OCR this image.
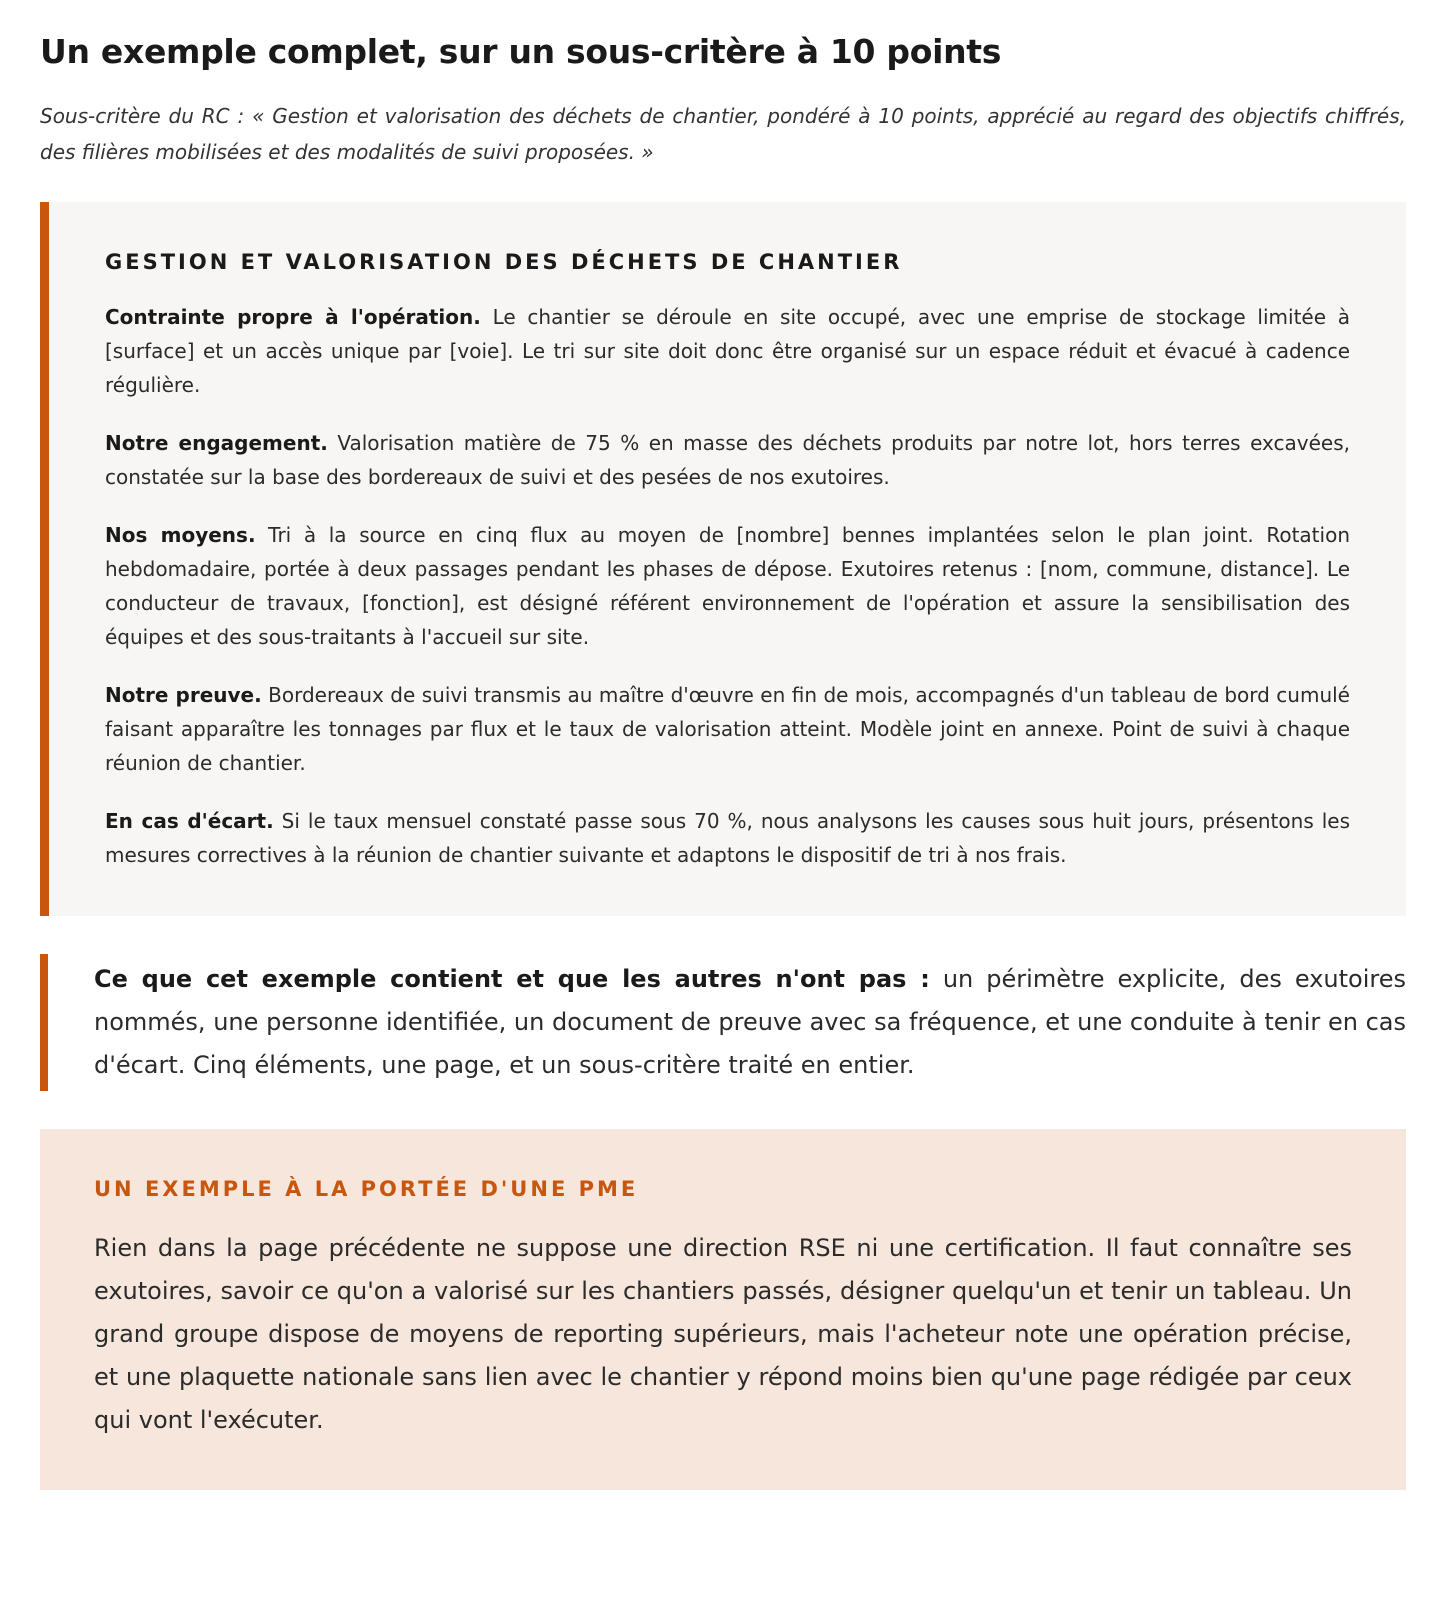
Un exemple complet, sur un sous-critère à 10 points

Sous-critère du RC : « Gestion et valorisation des déchets de chantier, pondéré à 10 points, apprécié au regard des objectifs chiffrés, des filières mobilisées et des modalités de suivi proposées. »

GESTION ET VALORISATION DES DÉCHETS DE CHANTIER

Contrainte propre à l'opération. Le chantier se déroule en site occupé, avec une emprise de stockage limitée à [surface] et un accès unique par [voie]. Le tri sur site doit donc être organisé sur un espace réduit et évacué à cadence régulière.

Notre engagement. Valorisation matière de 75 % en masse des déchets produits par notre lot, hors terres excavées, constatée sur la base des bordereaux de suivi et des pesées de nos exutoires.

Nos moyens. Tri à la source en cinq flux au moyen de [nombre] bennes implantées selon le plan joint. Rotation hebdomadaire, portée à deux passages pendant les phases de dépose. Exutoires retenus : [nom, commune, distance]. Le conducteur de travaux, [fonction], est désigné référent environnement de l'opération et assure la sensibilisation des équipes et des sous-traitants à l'accueil sur site.

Notre preuve. Bordereaux de suivi transmis au maître d'œuvre en fin de mois, accompagnés d'un tableau de bord cumulé faisant apparaître les tonnages par flux et le taux de valorisation atteint. Modèle joint en annexe. Point de suivi à chaque réunion de chantier.

En cas d'écart. Si le taux mensuel constaté passe sous 70 %, nous analysons les causes sous huit jours, présentons les mesures correctives à la réunion de chantier suivante et adaptons le dispositif de tri à nos frais.

Ce que cet exemple contient et que les autres n'ont pas : un périmètre explicite, des exutoires nommés, une personne identifiée, un document de preuve avec sa fréquence, et une conduite à tenir en cas d'écart. Cinq éléments, une page, et un sous-critère traité en entier.

UN EXEMPLE À LA PORTÉE D'UNE PME

Rien dans la page précédente ne suppose une direction RSE ni une certification. Il faut connaître ses exutoires, savoir ce qu'on a valorisé sur les chantiers passés, désigner quelqu'un et tenir un tableau. Un grand groupe dispose de moyens de reporting supérieurs, mais l'acheteur note une opération précise, et une plaquette nationale sans lien avec le chantier y répond moins bien qu'une page rédigée par ceux qui vont l'exécuter.
